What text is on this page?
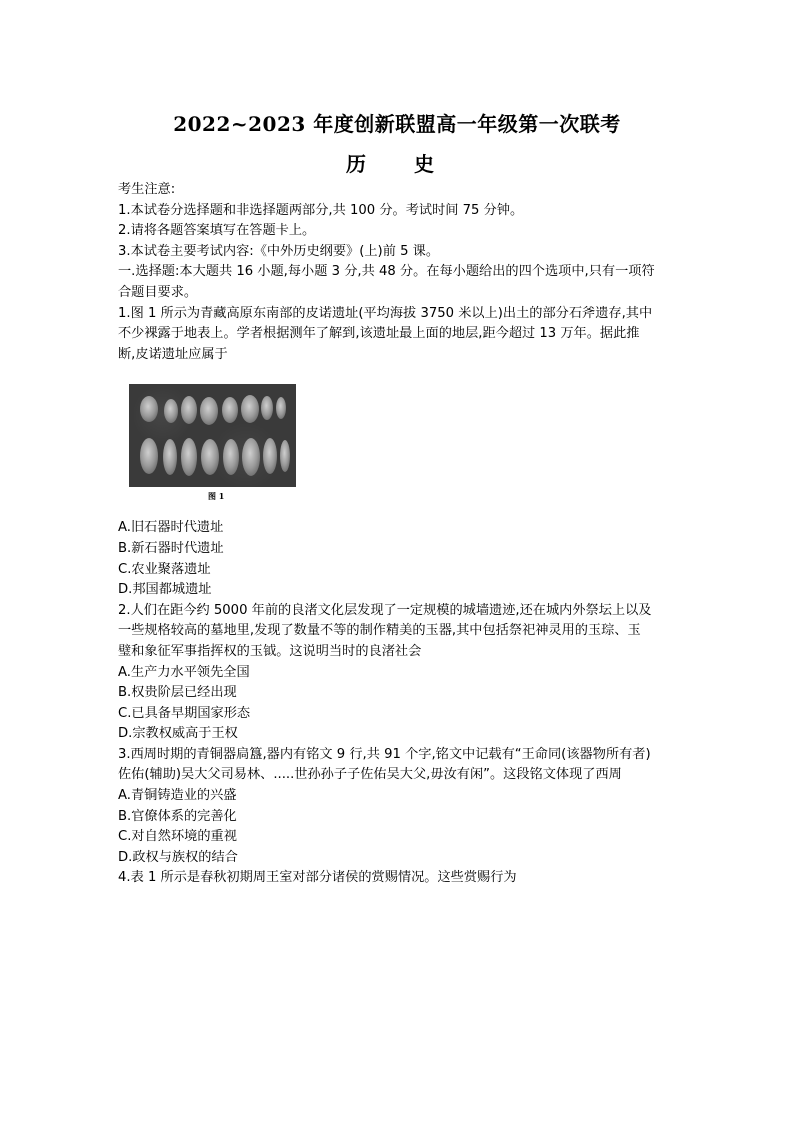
2022~2023 年度创新联盟高一年级第一次联考
历　史
考生注意:
1.本试卷分选择题和非选择题两部分,共 100 分。考试时间 75 分钟。
2.请将各题答案填写在答题卡上。
3.本试卷主要考试内容:《中外历史纲要》(上)前 5 课。
一.选择题:本大题共 16 小题,每小题 3 分,共 48 分。在每小题给出的四个选项中,只有一项符
合题目要求。
1.图 1 所示为青藏高原东南部的皮诺遗址(平均海拔 3750 米以上)出土的部分石斧遗存,其中
不少裸露于地表上。学者根据测年了解到,该遗址最上面的地层,距今超过 13 万年。据此推
断,皮诺遗址应属于
图 1
A.旧石器时代遗址
B.新石器时代遗址
C.农业聚落遗址
D.邦国都城遗址
2.人们在距今约 5000 年前的良渚文化层发现了一定规模的城墙遗迹,还在城内外祭坛上以及
一些规格较高的墓地里,发现了数量不等的制作精美的玉器,其中包括祭祀神灵用的玉琮、玉
璧和象征军事指挥权的玉钺。这说明当时的良渚社会
A.生产力水平领先全国
B.权贵阶层已经出现
C.已具备早期国家形态
D.宗教权威高于王权
3.西周时期的青铜器扃簋,器内有铭文 9 行,共 91 个字,铭文中记载有“王命同(该器物所有者)
佐佑(辅助)吴大父司易林、.....世孙孙子子佐佑吴大父,毋汝有闲”。这段铭文体现了西周
A.青铜铸造业的兴盛
B.官僚体系的完善化
C.对自然环境的重视
D.政权与族权的结合
4.表 1 所示是春秋初期周王室对部分诸侯的赏赐情况。这些赏赐行为
